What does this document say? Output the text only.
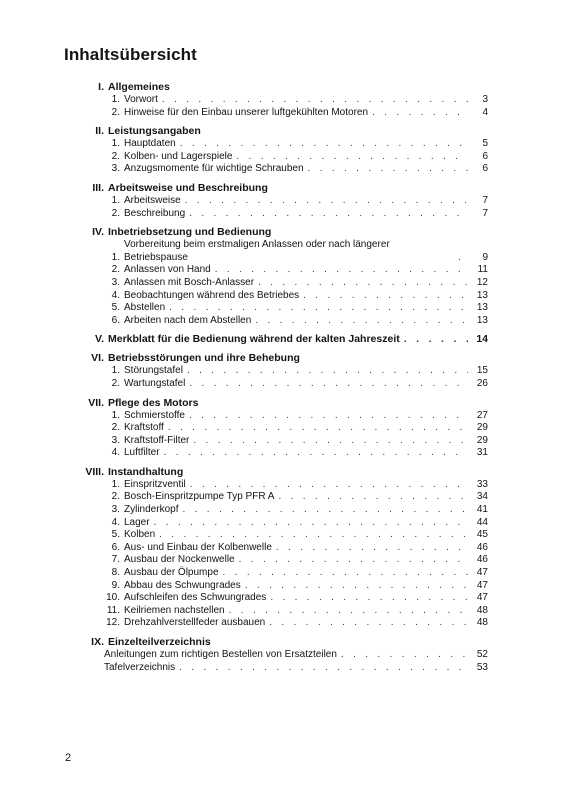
Inhaltsübersicht
I. Allgemeines
1. Vorwort . . .	3
2. Hinweise für den Einbau unserer luftgekühlten Motoren . . .	4
II. Leistungsangaben
1. Hauptdaten . . .	5
2. Kolben- und Lagerspiele . . .	6
3. Anzugsmomente für wichtige Schrauben . . .	6
III. Arbeitsweise und Beschreibung
1. Arbeitsweise . . .	7
2. Beschreibung . . .	7
IV. Inbetriebsetzung und Bedienung
1.
Vorbereitung beim erstmaligen Anlassen oder nach längerer Betriebspause . . .	9
2. Anlassen von Hand . . .	11
3. Anlassen mit Bosch-Anlasser . . .	12
4. Beobachtungen während des Betriebes . . .	13
5. Abstellen . . .	13
6. Arbeiten nach dem Abstellen . . .	13
V. Merkblatt für die Bedienung während der kalten Jahreszeit . . .	14
VI. Betriebsstörungen und ihre Behebung
1. Störungstafel . . .	15
2. Wartungstafel . . .	26
VII. Pflege des Motors
1. Schmierstoffe . . .	27
2. Kraftstoff . . .	29
3. Kraftstoff-Filter . . .	29
4. Luftfilter . . .	31
VIII. Instandhaltung
1. Einspritzventil . . .	33
2. Bosch-Einspritzpumpe Typ PFR A . . .	34
3. Zylinderkopf . . .	41
4. Lager . . .	44
5. Kolben . . .	45
6. Aus- und Einbau der Kolbenwelle . . .	46
7. Ausbau der Nockenwelle . . .	46
8. Ausbau der Ölpumpe . . .	47
9. Abbau des Schwungrades . . .	47
10. Aufschleifen des Schwungrades . . .	47
11. Keilriemen nachstellen . . .	48
12. Drehzahlverstellfeder ausbauen . . .	48
IX. Einzelteilverzeichnis
Anleitungen zum richtigen Bestellen von Ersatzteilen . . .	52
Tafelverzeichnis . . .	53
2
